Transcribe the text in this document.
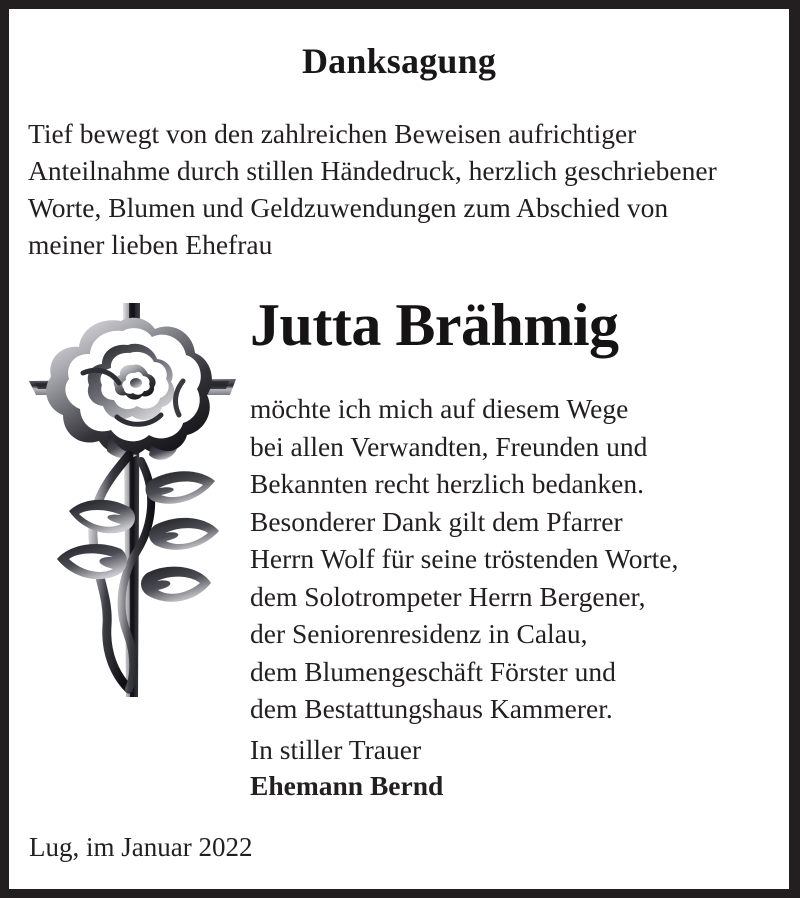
Danksagung
Tief bewegt von den zahlreichen Beweisen aufrichtiger
Anteilnahme durch stillen Händedruck, herzlich geschriebener
Worte, Blumen und Geldzuwendungen zum Abschied von
meiner lieben Ehefrau
Jutta Brähmig
möchte ich mich auf diesem Wege
bei allen Verwandten, Freunden und
Bekannten recht herzlich bedanken.
Besonderer Dank gilt dem Pfarrer
Herrn Wolf für seine tröstenden Worte,
dem Solotrompeter Herrn Bergener,
der Seniorenresidenz in Calau,
dem Blumengeschäft Förster und
dem Bestattungshaus Kammerer.
In stiller Trauer
Ehemann Bernd
Lug, im Januar 2022
